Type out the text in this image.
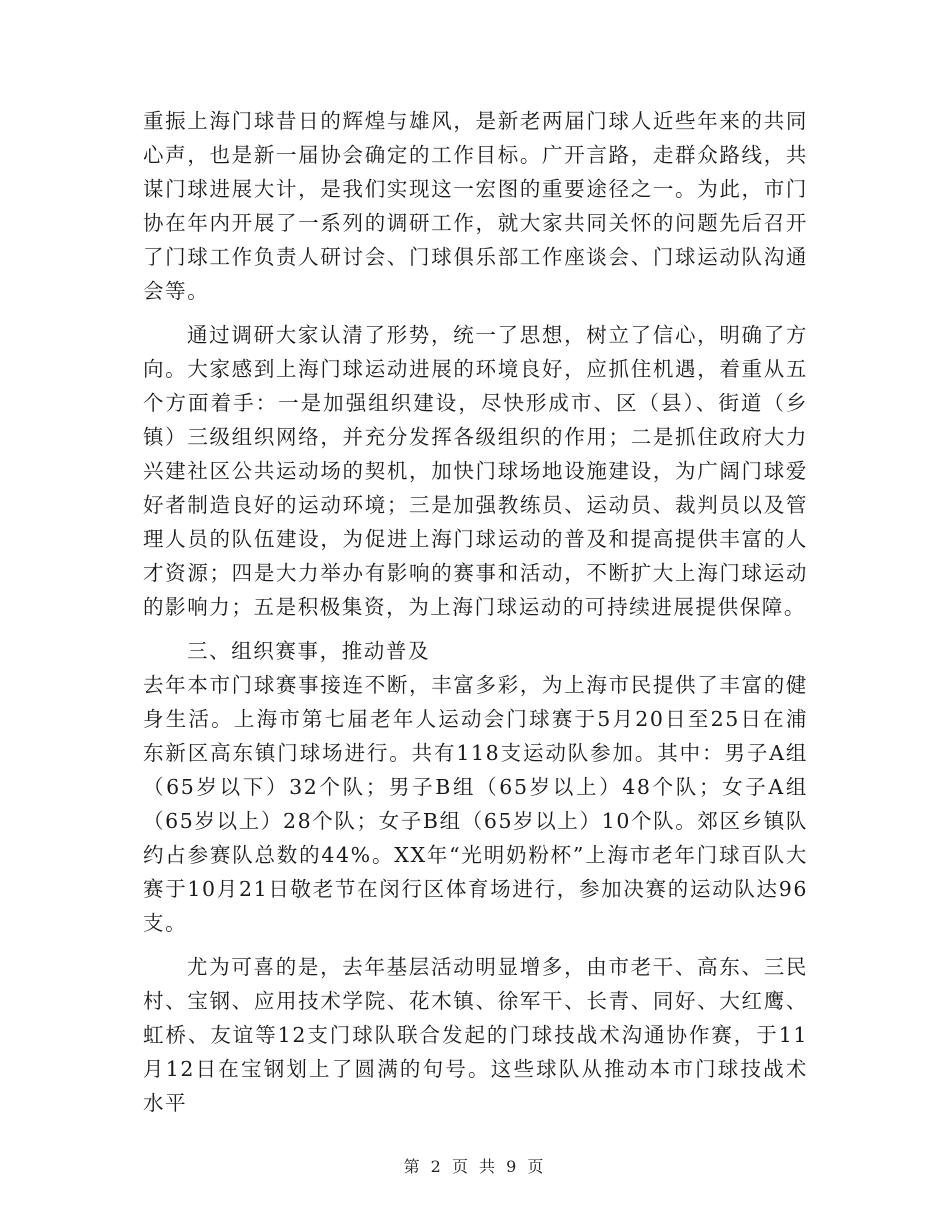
重振上海门球昔日的辉煌与雄风，是新老两届门球人近些年来的共同心声，也是新一届协会确定的工作目标。广开言路，走群众路线，共谋门球进展大计，是我们实现这一宏图的重要途径之一。为此，市门协在年内开展了一系列的调研工作，就大家共同关怀的问题先后召开了门球工作负责人研讨会、门球俱乐部工作座谈会、门球运动队沟通会等。

通过调研大家认清了形势，统一了思想，树立了信心，明确了方向。大家感到上海门球运动进展的环境良好，应抓住机遇，着重从五个方面着手：一是加强组织建设，尽快形成市、区（县）、街道（乡镇）三级组织网络，并充分发挥各级组织的作用；二是抓住政府大力兴建社区公共运动场的契机，加快门球场地设施建设，为广阔门球爱好者制造良好的运动环境；三是加强教练员、运动员、裁判员以及管理人员的队伍建设，为促进上海门球运动的普及和提高提供丰富的人才资源；四是大力举办有影响的赛事和活动，不断扩大上海门球运动的影响力；五是积极集资，为上海门球运动的可持续进展提供保障。

三、组织赛事，推动普及

去年本市门球赛事接连不断，丰富多彩，为上海市民提供了丰富的健身生活。上海市第七届老年人运动会门球赛于5月20日至25日在浦东新区高东镇门球场进行。共有118支运动队参加。其中：男子A组（65岁以下）32个队；男子B组（65岁以上）48个队；女子A组（65岁以上）28个队；女子B组（65岁以上）10个队。郊区乡镇队约占参赛队总数的44%。XX年“光明奶粉杯”上海市老年门球百队大赛于10月21日敬老节在闵行区体育场进行，参加决赛的运动队达96支。

尤为可喜的是，去年基层活动明显增多，由市老干、高东、三民村、宝钢、应用技术学院、花木镇、徐军干、长青、同好、大红鹰、虹桥、友谊等12支门球队联合发起的门球技战术沟通协作赛，于11月12日在宝钢划上了圆满的句号。这些球队从推动本市门球技战术水平

第 2 页 共 9 页
